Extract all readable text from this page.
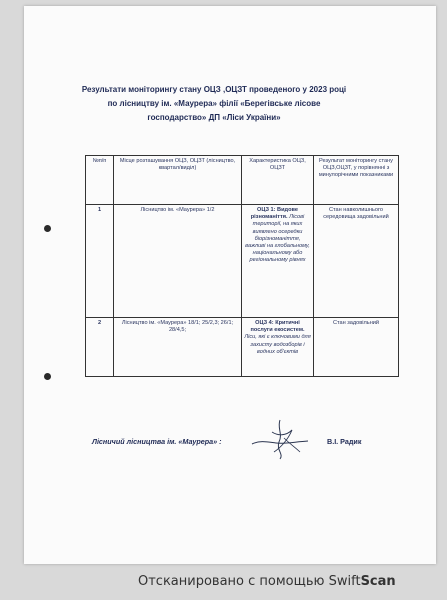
Результати моніторингу стану ОЦЗ ,ОЦЗТ проведеного у 2023 році
по лісництву ім. «Маурера» філії «Берегівське лісове
господарство» ДП «Ліси України»
№п/п	Місце розташування ОЦЗ, ОЦЗТ (лісництво, квартал/виділ)	Характеристика ОЦЗ, ОЦЗТ	Результат моніторингу стану ОЦЗ,ОЦЗТ, у порівнянні з минулорічними показниками
1	Лісництво ім. «Маурера» 1/2	ОЦЗ 1: Видове різноманіття. Лісові території, на яких виявлено осередки біорізноманіття, важливі на глобальному, національному або регіональному рівнях	Стан навколишнього середовища задовільний
2	Лісництво ім. «Маурера» 18/1; 25/2,3; 26/1; 28/4,5;	ОЦЗ 4: Критичні послуги екосистем. Ліси, які є ключовими для захисту водозборів і водних об'єктів	Стан задовільний
Лісничий лісництва ім. «Маурера» :	В.І. Радик
Отсканировано с помощью SwiftScan
